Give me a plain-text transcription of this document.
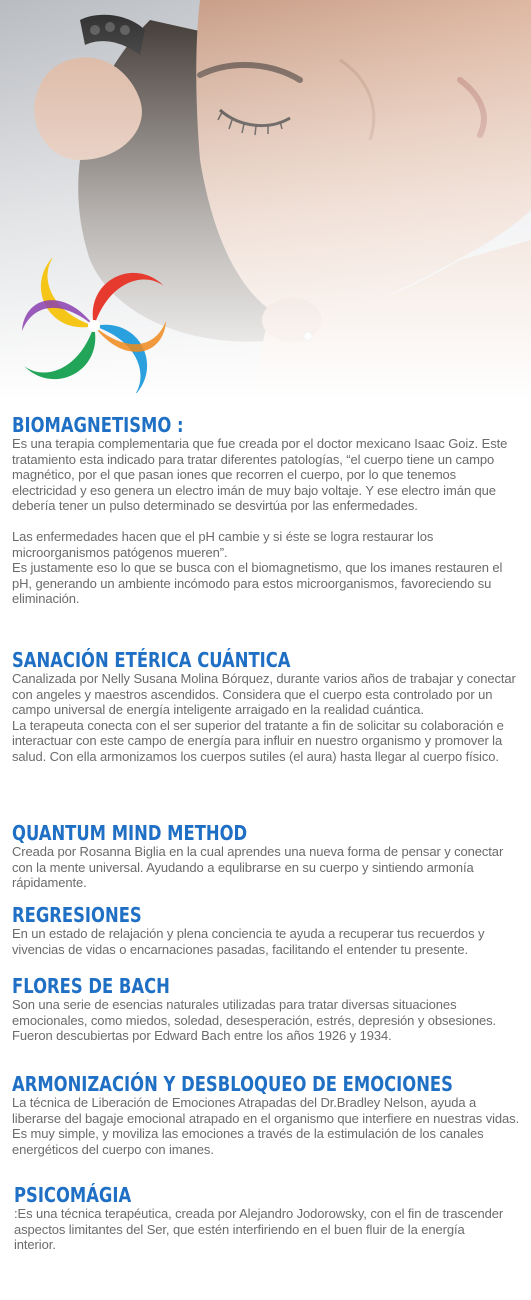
BIOMAGNETISMO :

Es una terapia complementaria que fue creada por el doctor mexicano Isaac Goiz. Este tratamiento esta indicado para tratar diferentes patologías, “el cuerpo tiene un campo magnético, por el que pasan iones que recorren el cuerpo, por lo que tenemos electricidad y eso genera un electro imán de muy bajo voltaje. Y ese electro imán que debería tener un pulso determinado se desvirtúa por las enfermedades.

Las enfermedades hacen que el pH cambie y si éste se logra restaurar los microorganismos patógenos mueren”.

Es justamente eso lo que se busca con el biomagnetismo, que los imanes restauren el pH, generando un ambiente incómodo para estos microorganismos, favoreciendo su eliminación.

SANACIÓN ETÉRICA CUÁNTICA

Canalizada por Nelly Susana Molina Bórquez, durante varios años de trabajar y conectar con angeles y maestros ascendidos. Considera que el cuerpo esta controlado por un campo universal de energía inteligente arraigado en la realidad cuántica.

La terapeuta conecta con el ser superior del tratante a fin de solicitar su colaboración e interactuar con este campo de energía para influir en nuestro organismo y promover la salud. Con ella armonizamos los cuerpos sutiles (el aura) hasta llegar al cuerpo físico.

QUANTUM MIND METHOD

Creada por Rosanna Biglia en la cual aprendes una nueva forma de pensar y conectar con la mente universal. Ayudando a equlibrarse en su cuerpo y sintiendo armonía rápidamente.

REGRESIONES

En un estado de relajación y plena conciencia te ayuda a recuperar tus recuerdos y vivencias de vidas o encarnaciones pasadas, facilitando el entender tu presente.

FLORES DE BACH

Son una serie de esencias naturales utilizadas para tratar diversas situaciones emocionales, como miedos, soledad, desesperación, estrés, depresión y obsesiones.

Fueron descubiertas por Edward Bach entre los años 1926 y 1934.

ARMONIZACIÓN Y DESBLOQUEO DE EMOCIONES

La técnica de Liberación de Emociones Atrapadas del Dr.Bradley Nelson, ayuda a liberarse del bagaje emocional atrapado en el organismo que interfiere en nuestras vidas. Es muy simple, y moviliza las emociones a través de la estimulación de los canales energéticos del cuerpo con imanes.

PSICOMÁGIA

:Es una técnica terapéutica, creada por Alejandro Jodorowsky, con el fin de trascender aspectos limitantes del Ser, que estén interfiriendo en el buen fluir de la energía

interior.
